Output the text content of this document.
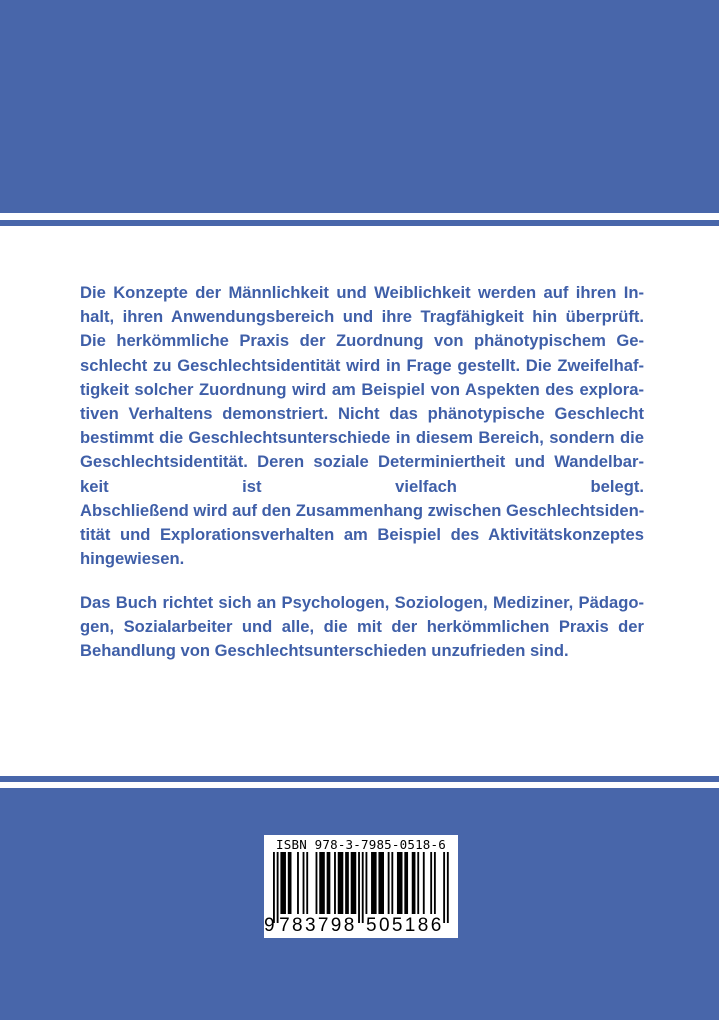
Die Konzepte der Männlichkeit und Weiblichkeit werden auf ihren In-
halt, ihren Anwendungsbereich und ihre Tragfähigkeit hin überprüft.
Die herkömmliche Praxis der Zuordnung von phänotypischem Ge-
schlecht zu Geschlechtsidentität wird in Frage gestellt. Die Zweifelhaf-
tigkeit solcher Zuordnung wird am Beispiel von Aspekten des explora-
tiven Verhaltens demonstriert. Nicht das phänotypische Geschlecht
bestimmt die Geschlechtsunterschiede in diesem Bereich, sondern die
Geschlechtsidentität. Deren soziale Determiniertheit und Wandelbar-
keit ist vielfach belegt.
Abschließend wird auf den Zusammenhang zwischen Geschlechtsiden-
tität und Explorationsverhalten am Beispiel des Aktivitätskonzeptes
hingewiesen.
Das Buch richtet sich an Psychologen, Soziologen, Mediziner, Pädago-
gen, Sozialarbeiter und alle, die mit der herkömmlichen Praxis der
Behandlung von Geschlechtsunterschieden unzufrieden sind.
ISBN 978-3-7985-0518-6
9 7 8 3 7 9 8 5 0 5 1 8 6
